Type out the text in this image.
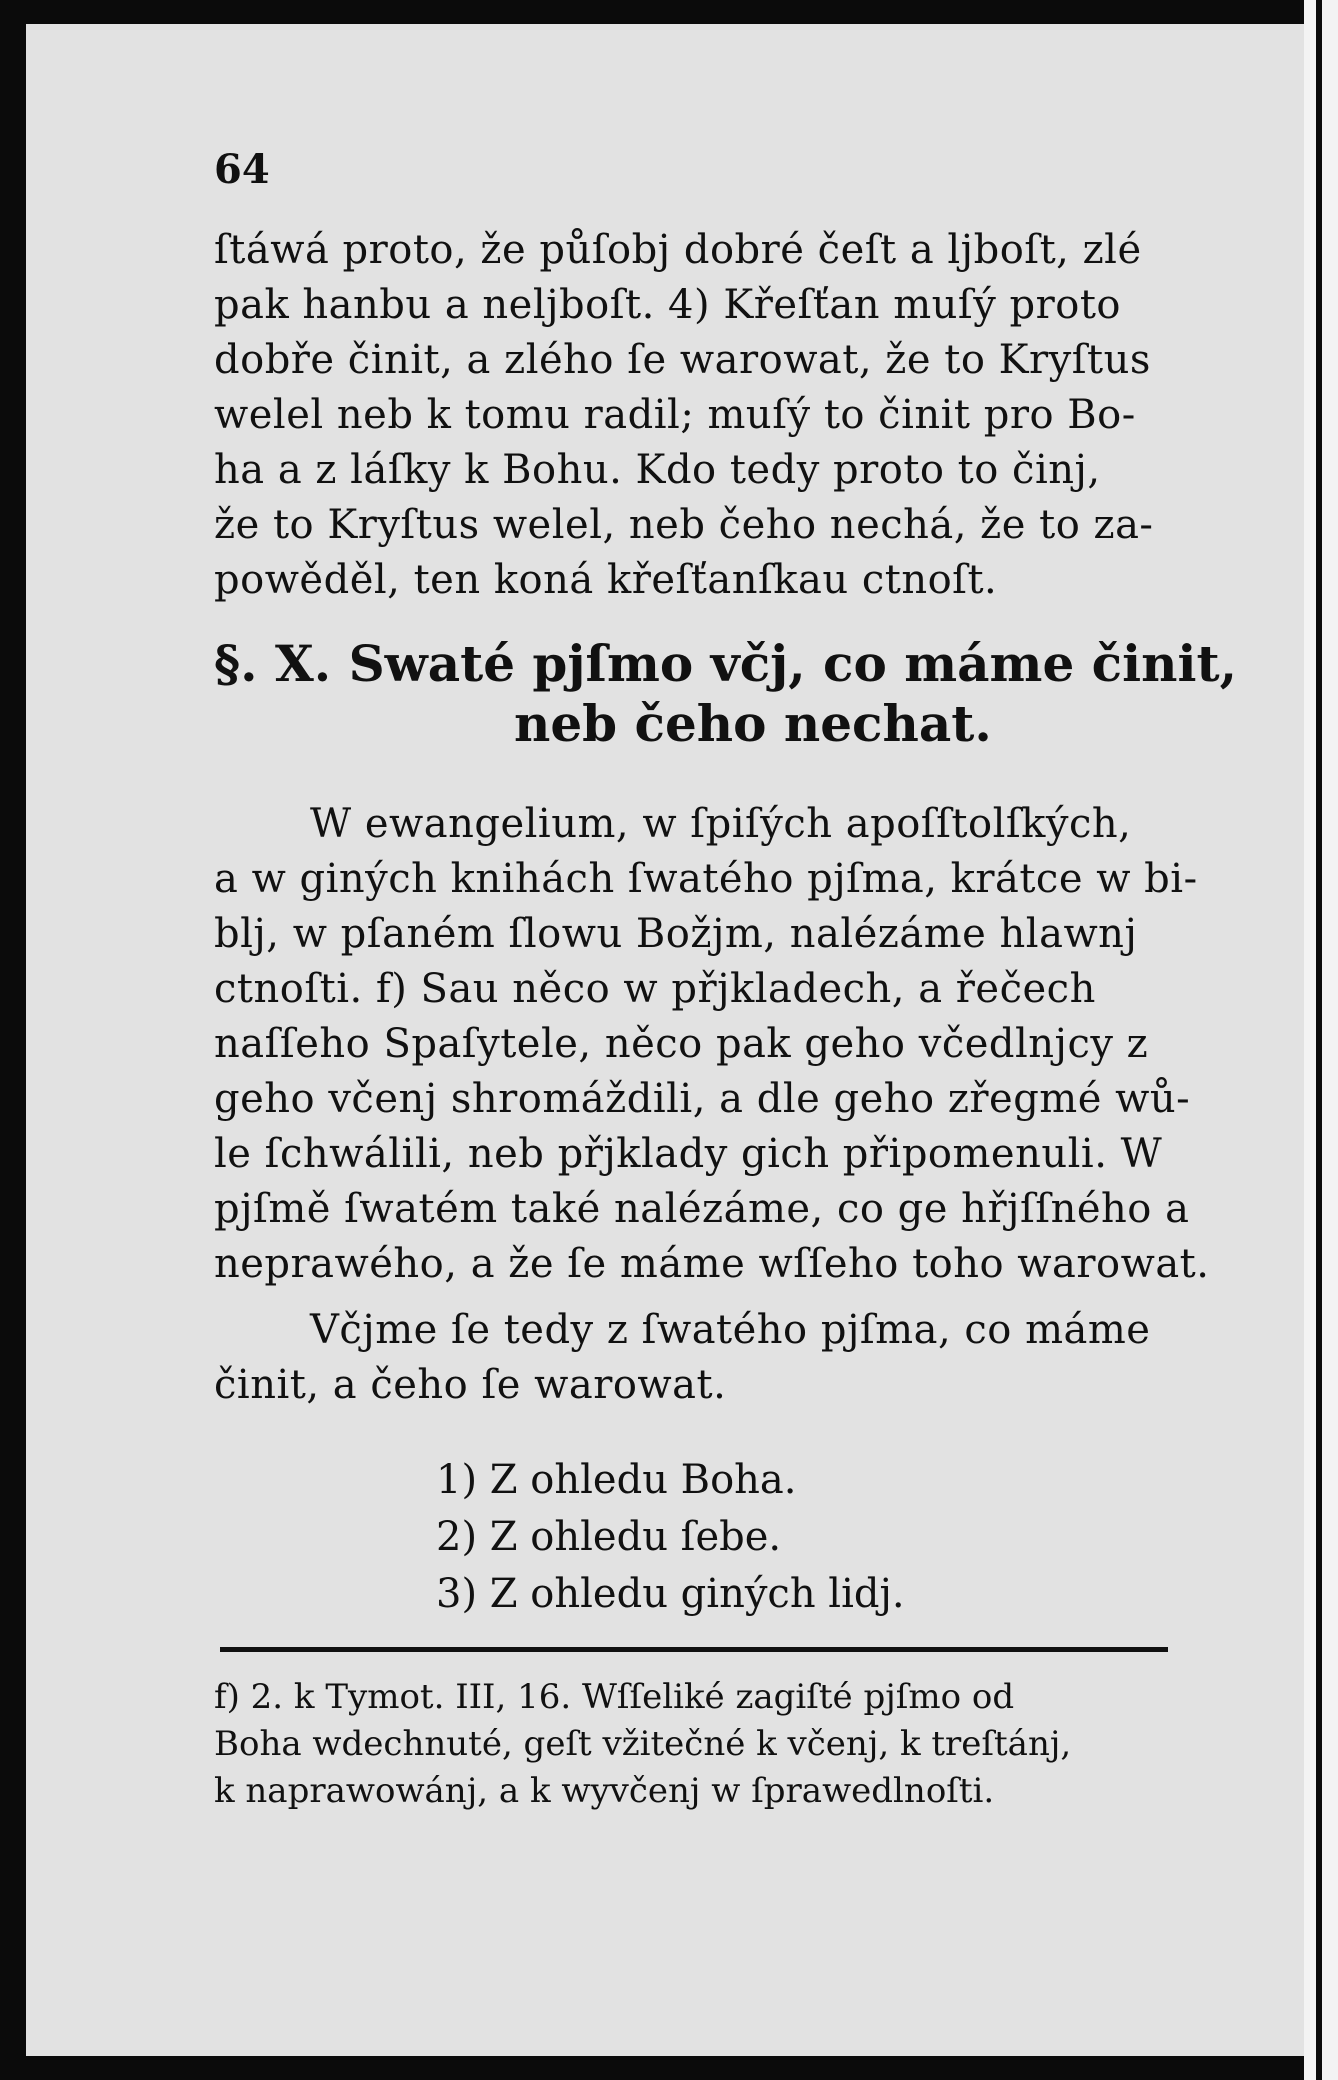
64
ſtáwá proto, že půſobj dobré čeſt a ljboſt, zlé
pak hanbu a neljboſt. 4) Křeſťan muſý proto
dobře činit, a zlého ſe warowat, že to Kryſtus
welel neb k tomu radil; muſý to činit pro Bo-
ha a z láſky k Bohu. Kdo tedy proto to činj,
že to Kryſtus welel, neb čeho nechá, že to za-
powěděl, ten koná křeſťanſkau ctnoſt.
§. X. Swaté pjſmo včj, co máme činit,
neb čeho nechat.
W ewangelium, w ſpiſých apoſſtolſkých,
a w giných knihách ſwatého pjſma, krátce w bi-
blj, w pſaném ſlowu Božjm, nalézáme hlawnj
ctnoſti. f) Sau něco w přjkladech, a řečech
naſſeho Spaſytele, něco pak geho včedlnjcy z
geho včenj shromáždili, a dle geho zřegmé wů-
le ſchwálili, neb přjklady gich připomenuli. W
pjſmě ſwatém také nalézáme, co ge hřjſſného a
neprawého, a že ſe máme wſſeho toho warowat.
Včjme ſe tedy z ſwatého pjſma, co máme
činit, a čeho ſe warowat.
1) Z ohledu Boha.
2) Z ohledu ſebe.
3) Z ohledu giných lidj.
f) 2. k Tymot. III, 16. Wſſeliké zagiſté pjſmo od
Boha wdechnuté, geſt vžitečné k včenj, k treſtánj,
k naprawowánj, a k wyvčenj w ſprawedlnoſti.
